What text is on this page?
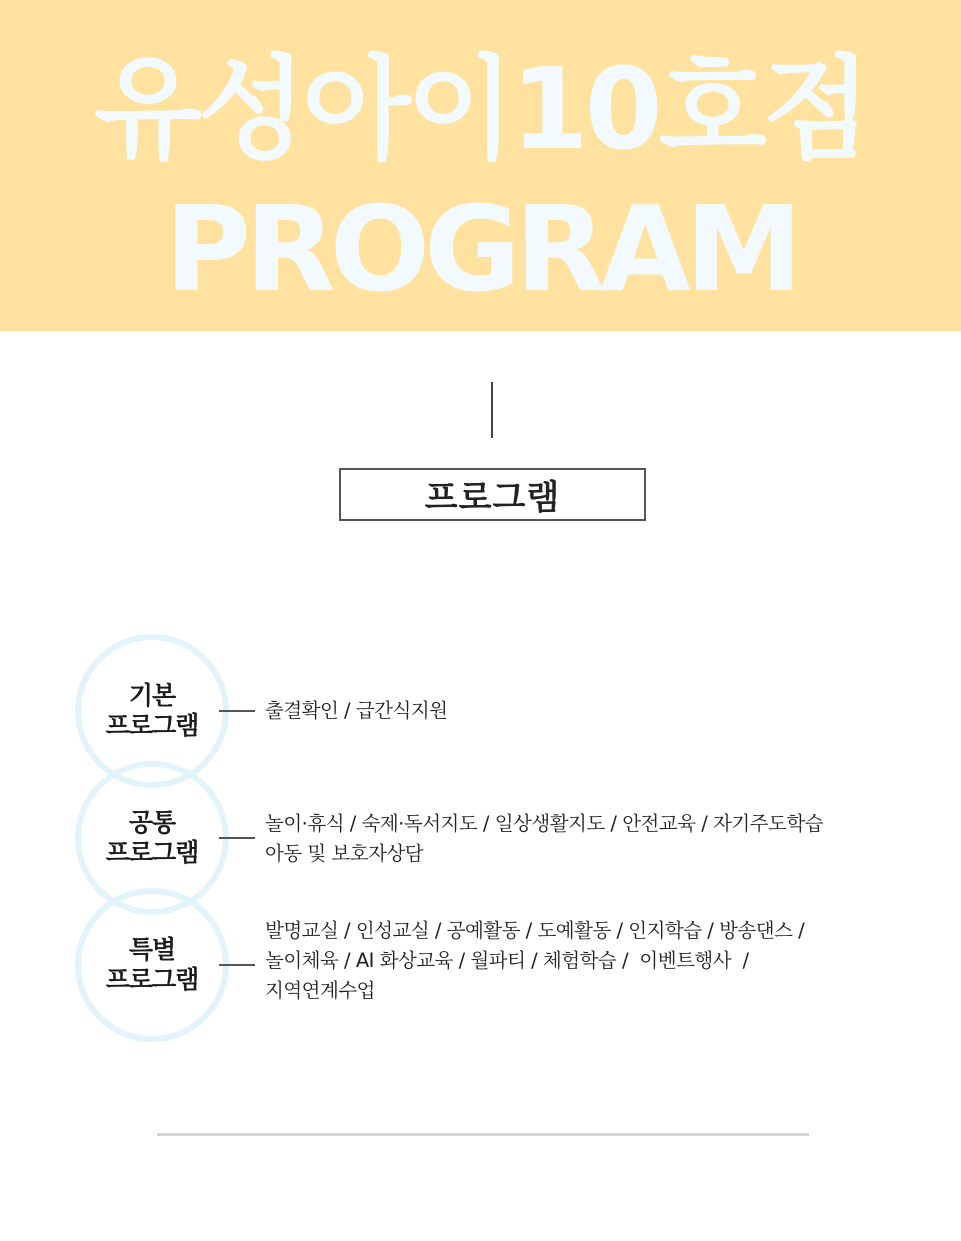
유성아이10호점
PROGRAM
프로그램
기본
프로그램
출결확인 / 급간식지원
공통
프로그램
놀이·휴식 / 숙제·독서지도 / 일상생활지도 / 안전교육 / 자기주도학습
아동 및 보호자상담
특별
프로그램
발명교실 / 인성교실 / 공예활동 / 도예활동 / 인지학습 / 방송댄스 /
놀이체육 / AI 화상교육 / 월파티 / 체험학습 /  이벤트행사  /
지역연계수업
